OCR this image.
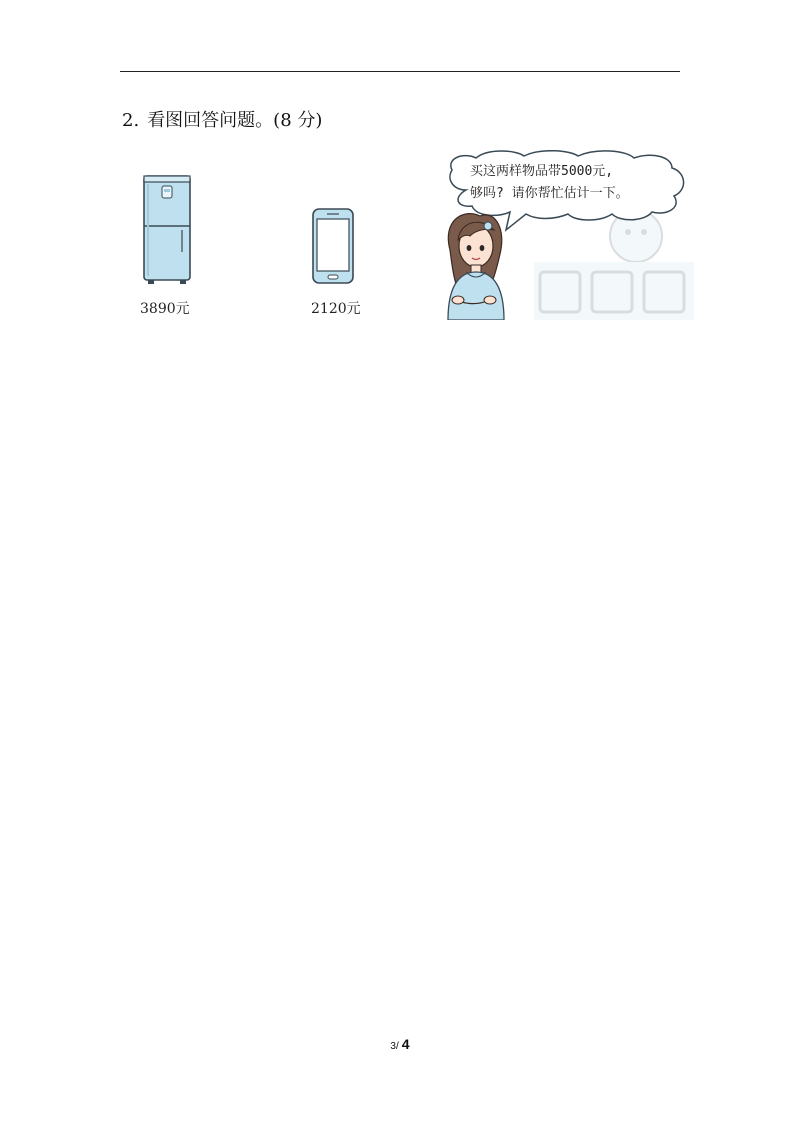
2. 看图回答问题。(8 分)
3890元	2120元
买这两样物品带5000元,
够吗? 请你帮忙估计一下。
3/ 4
